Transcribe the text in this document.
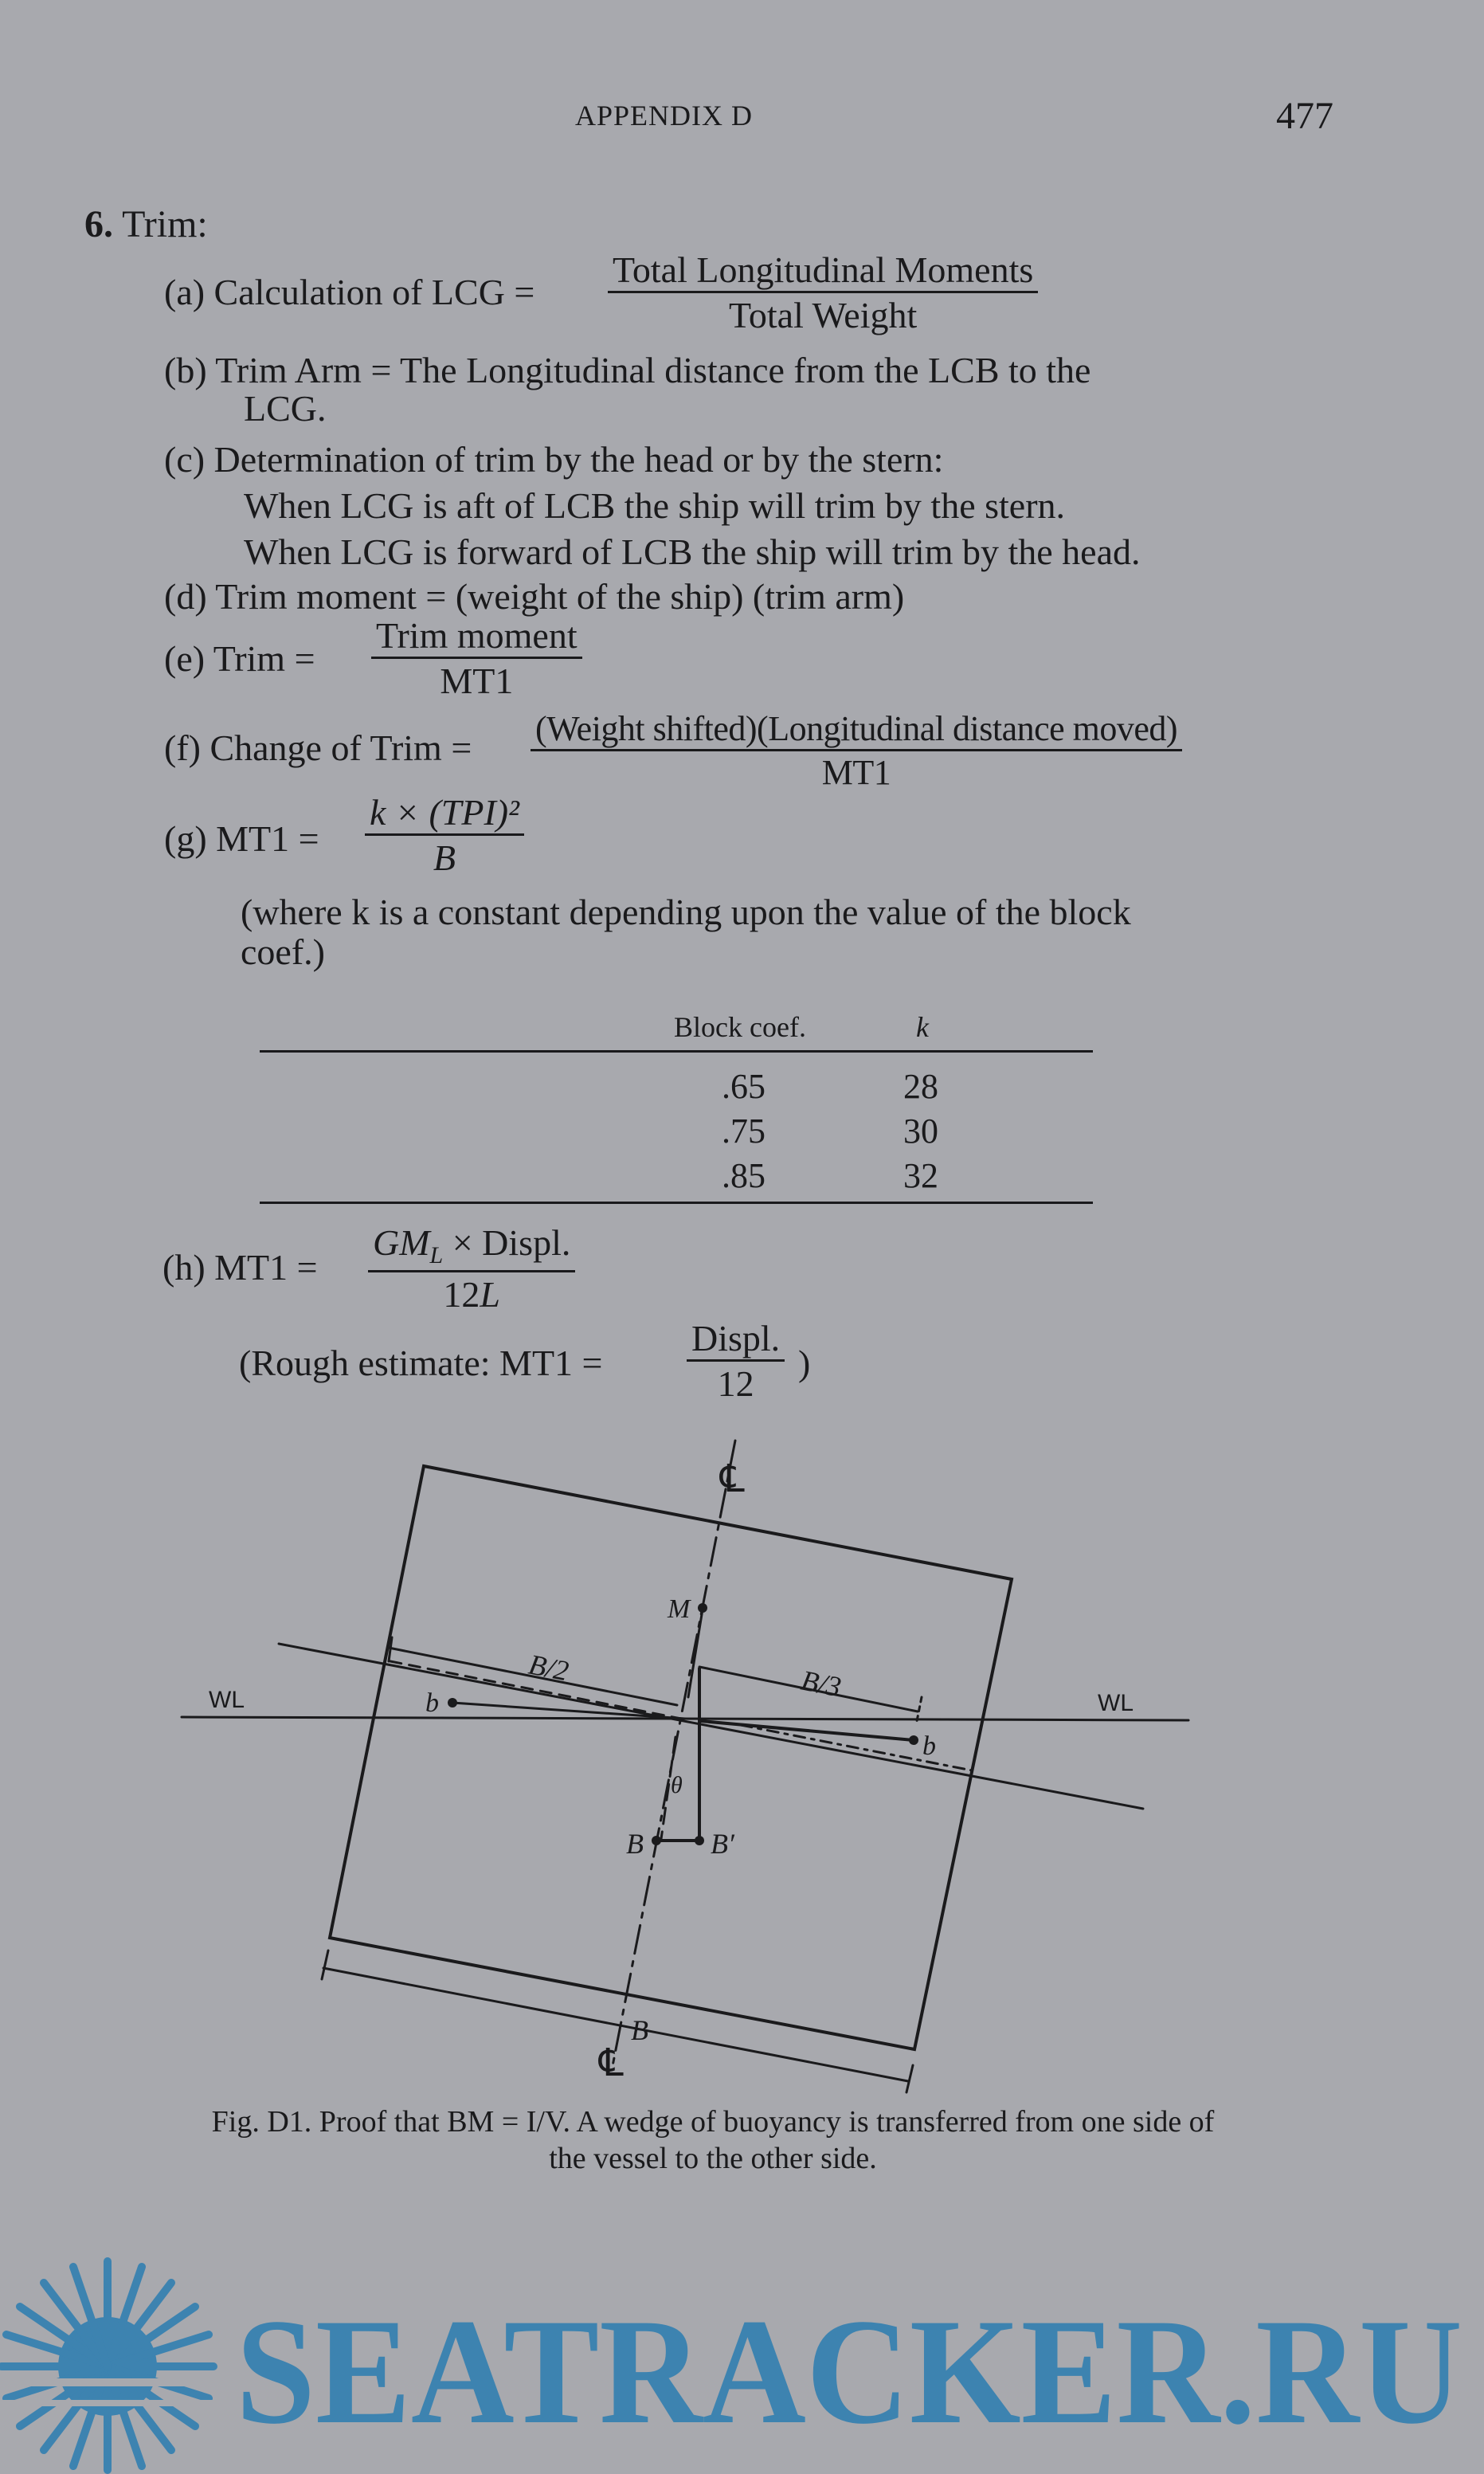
APPENDIX D	477
6. Trim:
(a) Calculation of LCG =
Total Longitudinal Moments
Total Weight
(b) Trim Arm = The Longitudinal distance from the LCB to the
LCG.
(c) Determination of trim by the head or by the stern:
When LCG is aft of LCB the ship will trim by the stern.
When LCG is forward of LCB the ship will trim by the head.
(d) Trim moment = (weight of the ship) (trim arm)
(e) Trim =
Trim moment
MT1
(f) Change of Trim = (Weight shifted)(Longitudinal distance moved)
MT1
(g) MT1 =
k × (TPI)²
B
(where k is a constant depending upon the value of the block
coef.)
Block coef.	k
.65	28
.75	30
.85	32
(h) MT1 =
$GM_L$ × Displ.
12L
(Rough estimate: MT1 =
Displ.
12
)
℄
℄
M
B/2	B/3
WL	WL
b
b
θ
B B′
B
Fig. D1. Proof that BM = I/V. A wedge of buoyancy is transferred from one side of
the vessel to the other side.
SEATRACKER.RU
